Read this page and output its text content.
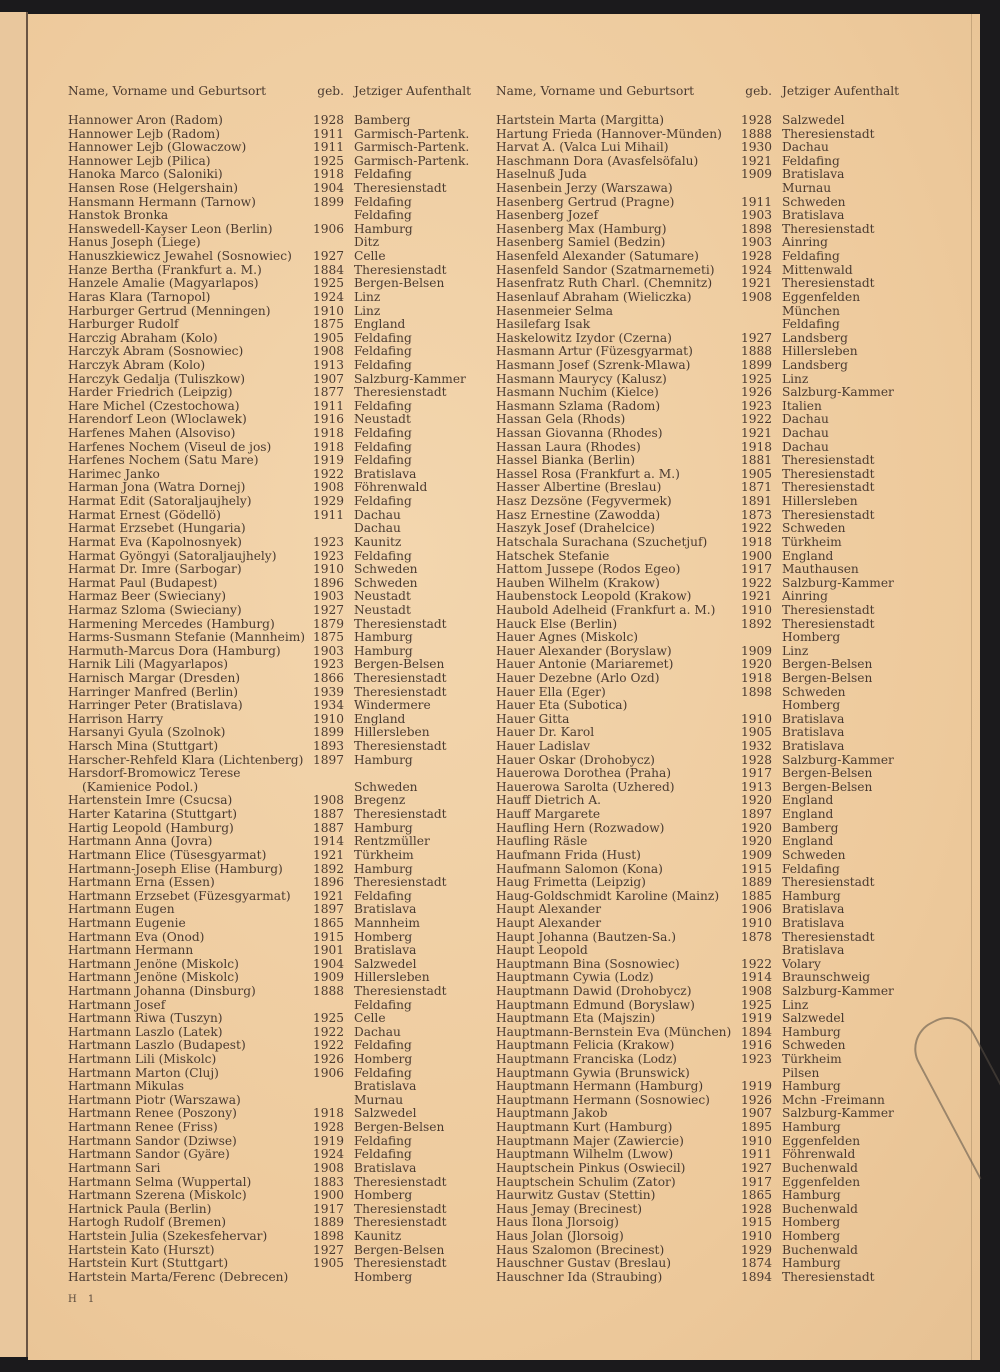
Name, Vorname und Geburtsort	geb. Jetziger Aufenthalt
Hannower Aron (Radom)	1928 Bamberg
Hannower Lejb (Radom)	1911 Garmisch-Partenk.
Hannower Lejb (Glowaczow)	1911 Garmisch-Partenk.
Hannower Lejb (Pilica)	1925 Garmisch-Partenk.
Hanoka Marco (Saloniki)	1918 Feldafing
Hansen Rose (Helgershain)	1904 Theresienstadt
Hansmann Hermann (Tarnow)	1899 Feldafing
Hanstok Bronka	Feldafing
Hanswedell-Kayser Leon (Berlin)	1906 Hamburg
Hanus Joseph (Liege)	Ditz
Hanuszkiewicz Jewahel (Sosnowiec) 1927 Celle
Hanze Bertha (Frankfurt a. M.)	1884 Theresienstadt
Hanzele Amalie (Magyarlapos)	1925 Bergen-Belsen
Haras Klara (Tarnopol)	1924 Linz
Harburger Gertrud (Menningen)	1910 Linz
Harburger Rudolf	1875 England
Harczig Abraham (Kolo)	1905 Feldafing
Harczyk Abram (Sosnowiec)	1908 Feldafing
Harczyk Abram (Kolo)	1913 Feldafing
Harczyk Gedalja (Tuliszkow)	1907 Salzburg-Kammer
Harder Friedrich (Leipzig)	1877 Theresienstadt
Hare Michel (Czestochowa)	1911 Feldafing
Harendorf Leon (Wloclawek)	1916 Neustadt
Harfenes Mahen (Alsoviso)	1918 Feldafing
Harfenes Nochem (Viseul de jos)	1918 Feldafing
Harfenes Nochem (Satu Mare)	1919 Feldafing
Harimec Janko	1922 Bratislava
Harman Jona (Watra Dornej)	1908 Föhrenwald
Harmat Edit (Satoraljaujhely)	1929 Feldafing
Harmat Ernest (Gödellö)	1911 Dachau
Harmat Erzsebet (Hungaria)	Dachau
Harmat Eva (Kapolnosnyek)	1923 Kaunitz
Harmat Gyöngyi (Satoraljaujhely)	1923 Feldafing
Harmat Dr. Imre (Sarbogar)	1910 Schweden
Harmat Paul (Budapest)	1896 Schweden
Harmaz Beer (Swieciany)	1903 Neustadt
Harmaz Szloma (Swieciany)	1927 Neustadt
Harmening Mercedes (Hamburg)	1879 Theresienstadt
Harms-Susmann Stefanie (Mannheim) 1875 Hamburg
Harmuth-Marcus Dora (Hamburg)	1903 Hamburg
Harnik Lili (Magyarlapos)	1923 Bergen-Belsen
Harnisch Margar (Dresden)	1866 Theresienstadt
Harringer Manfred (Berlin)	1939 Theresienstadt
Harringer Peter (Bratislava)	1934 Windermere
Harrison Harry	1910 England
Harsanyi Gyula (Szolnok)	1899 Hillersleben
Harsch Mina (Stuttgart)	1893 Theresienstadt
Harscher-Rehfeld Klara (Lichtenberg) 1897 Hamburg
Harsdorf-Bromowicz Terese
(Kamienice Podol.)	Schweden
Hartenstein Imre (Csucsa)	1908 Bregenz
Harter Katarina (Stuttgart)	1887 Theresienstadt
Hartig Leopold (Hamburg)	1887 Hamburg
Hartmann Anna (Jovra)	1914 Rentzmüller
Hartmann Elice (Tüsesgyarmat)	1921 Türkheim
Hartmann-Joseph Elise (Hamburg) 1892 Hamburg
Hartmann Erna (Essen)	1896 Theresienstadt
Hartmann Erzsebet (Füzesgyarmat) 1921 Feldafing
Hartmann Eugen	1897 Bratislava
Hartmann Eugenie	1865 Mannheim
Hartmann Eva (Onod)	1915 Homberg
Hartmann Hermann	1901 Bratislava
Hartmann Jenöne (Miskolc)	1904 Salzwedel
Hartmann Jenöne (Miskolc)	1909 Hillersleben
Hartmann Johanna (Dinsburg)	1888 Theresienstadt
Hartmann Josef	Feldafing
Hartmann Riwa (Tuszyn)	1925 Celle
Hartmann Laszlo (Latek)	1922 Dachau
Hartmann Laszlo (Budapest)	1922 Feldafing
Hartmann Lili (Miskolc)	1926 Homberg
Hartmann Marton (Cluj)	1906 Feldafing
Hartmann Mikulas	Bratislava
Hartmann Piotr (Warszawa)	Murnau
Hartmann Renee (Poszony)	1918 Salzwedel
Hartmann Renee (Friss)	1928 Bergen-Belsen
Hartmann Sandor (Dziwse)	1919 Feldafing
Hartmann Sandor (Gyäre)	1924 Feldafing
Hartmann Sari	1908 Bratislava
Hartmann Selma (Wuppertal)	1883 Theresienstadt
Hartmann Szerena (Miskolc)	1900 Homberg
Hartnick Paula (Berlin)	1917 Theresienstadt
Hartogh Rudolf (Bremen)	1889 Theresienstadt
Hartstein Julia (Szekesfehervar)	1898 Kaunitz
Hartstein Kato (Hurszt)	1927 Bergen-Belsen
Hartstein Kurt (Stuttgart)	1905 Theresienstadt
Hartstein Marta/Ferenc (Debrecen)	Homberg
Name, Vorname und Geburtsort	geb. Jetziger Aufenthalt
Hartstein Marta (Margitta)	1928 Salzwedel
Hartung Frieda (Hannover-Münden) 1888 Theresienstadt
Harvat A. (Valca Lui Mihail)	1930 Dachau
Haschmann Dora (Avasfelsöfalu)	1921 Feldafing
Haselnuß Juda	1909 Bratislava
Hasenbein Jerzy (Warszawa)	Murnau
Hasenberg Gertrud (Pragne)	1911 Schweden
Hasenberg Jozef	1903 Bratislava
Hasenberg Max (Hamburg)	1898 Theresienstadt
Hasenberg Samiel (Bedzin)	1903 Ainring
Hasenfeld Alexander (Satumare)	1928 Feldafing
Hasenfeld Sandor (Szatmarnemeti) 1924 Mittenwald
Hasenfratz Ruth Charl. (Chemnitz) 1921 Theresienstadt
Hasenlauf Abraham (Wieliczka)	1908 Eggenfelden
Hasenmeier Selma	München
Hasilefarg Isak	Feldafing
Haskelowitz Izydor (Czerna)	1927 Landsberg
Hasmann Artur (Füzesgyarmat)	1888 Hillersleben
Hasmann Josef (Szrenk-Mlawa)	1899 Landsberg
Hasmann Maurycy (Kalusz)	1925 Linz
Hasmann Nuchim (Kielce)	1926 Salzburg-Kammer
Hasmann Szlama (Radom)	1923 Italien
Hassan Gela (Rhods)	1922 Dachau
Hassan Giovanna (Rhodes)	1921 Dachau
Hassan Laura (Rhodes)	1918 Dachau
Hassel Bianka (Berlin)	1881 Theresienstadt
Hassel Rosa (Frankfurt a. M.)	1905 Theresienstadt
Hasser Albertine (Breslau)	1871 Theresienstadt
Hasz Dezsöne (Fegyvermek)	1891 Hillersleben
Hasz Ernestine (Zawodda)	1873 Theresienstadt
Haszyk Josef (Drahelcice)	1922 Schweden
Hatschala Surachana (Szuchetjuf)	1918 Türkheim
Hatschek Stefanie	1900 England
Hattom Jussepe (Rodos Egeo)	1917 Mauthausen
Hauben Wilhelm (Krakow)	1922 Salzburg-Kammer
Haubenstock Leopold (Krakow)	1921 Ainring
Haubold Adelheid (Frankfurt a. M.) 1910 Theresienstadt
Hauck Else (Berlin)	1892 Theresienstadt
Hauer Agnes (Miskolc)	Homberg
Hauer Alexander (Boryslaw)	1909 Linz
Hauer Antonie (Mariaremet)	1920 Bergen-Belsen
Hauer Dezebne (Arlo Ozd)	1918 Bergen-Belsen
Hauer Ella (Eger)	1898 Schweden
Hauer Eta (Subotica)	Homberg
Hauer Gitta	1910 Bratislava
Hauer Dr. Karol	1905 Bratislava
Hauer Ladislav	1932 Bratislava
Hauer Oskar (Drohobycz)	1928 Salzburg-Kammer
Hauerowa Dorothea (Praha)	1917 Bergen-Belsen
Hauerowa Sarolta (Uzhered)	1913 Bergen-Belsen
Hauff Dietrich A.	1920 England
Hauff Margarete	1897 England
Haufling Hern (Rozwadow)	1920 Bamberg
Haufling Räsle	1920 England
Haufmann Frida (Hust)	1909 Schweden
Haufmann Salomon (Kona)	1915 Feldafing
Haug Frimetta (Leipzig)	1889 Theresienstadt
Haug-Goldschmidt Karoline (Mainz) 1885 Hamburg
Haupt Alexander	1906 Bratislava
Haupt Alexander	1910 Bratislava
Haupt Johanna (Bautzen-Sa.)	1878 Theresienstadt
Haupt Leopold	Bratislava
Hauptmann Bina (Sosnowiec)	1922 Volary
Hauptmann Cywia (Lodz)	1914 Braunschweig
Hauptmann Dawid (Drohobycz)	1908 Salzburg-Kammer
Hauptmann Edmund (Boryslaw)	1925 Linz
Hauptmann Eta (Majszin)	1919 Salzwedel
Hauptmann-Bernstein Eva (München) 1894 Hamburg
Hauptmann Felicia (Krakow)	1916 Schweden
Hauptmann Franciska (Lodz)	1923 Türkheim
Hauptmann Gywia (Brunswick)	Pilsen
Hauptmann Hermann (Hamburg)	1919 Hamburg
Hauptmann Hermann (Sosnowiec)	1926 Mchn -Freimann
Hauptmann Jakob	1907 Salzburg-Kammer
Hauptmann Kurt (Hamburg)	1895 Hamburg
Hauptmann Majer (Zawiercie)	1910 Eggenfelden
Hauptmann Wilhelm (Lwow)	1911 Föhrenwald
Hauptschein Pinkus (Oswiecil)	1927 Buchenwald
Hauptschein Schulim (Zator)	1917 Eggenfelden
Haurwitz Gustav (Stettin)	1865 Hamburg
Haus Jemay (Brecinest)	1928 Buchenwald
Haus Ilona Jlorsoig)	1915 Homberg
Haus Jolan (Jlorsoig)	1910 Homberg
Haus Szalomon (Brecinest)	1929 Buchenwald
Hauschner Gustav (Breslau)	1874 Hamburg
Hauschner Ida (Straubing)	1894 Theresienstadt
H 1
